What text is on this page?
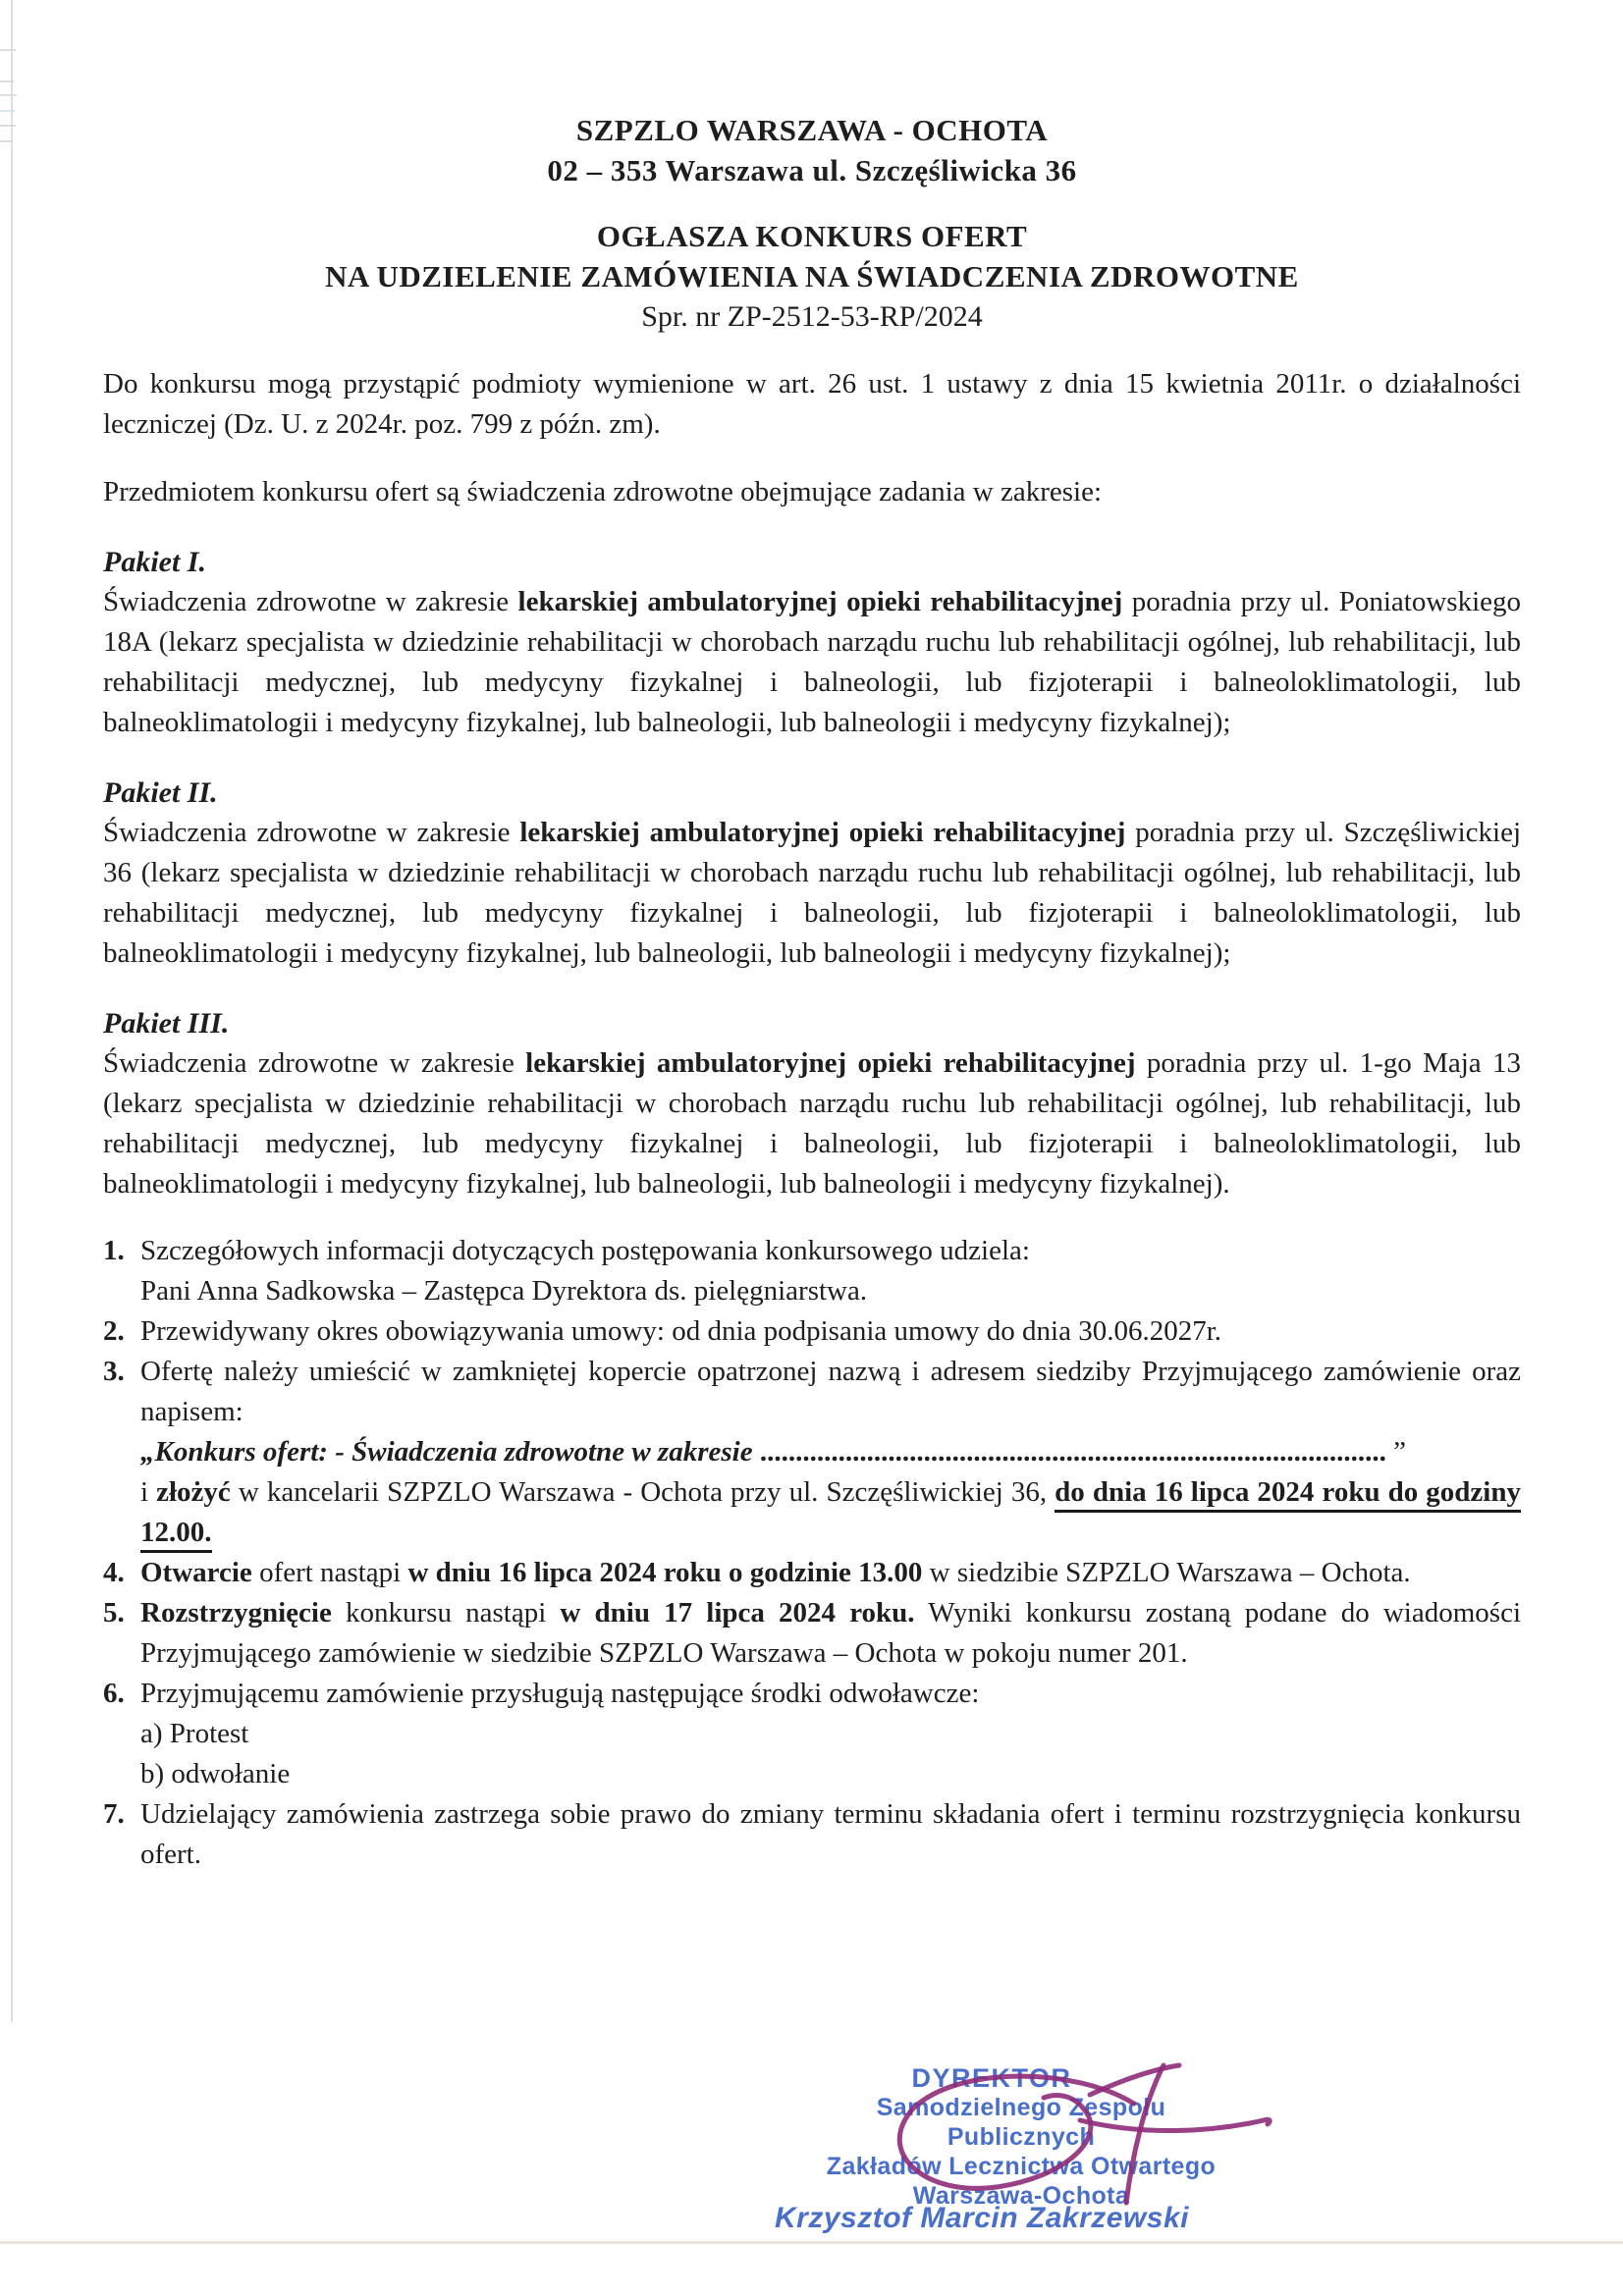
SZPZLO WARSZAWA - OCHOTA
02 – 353 Warszawa ul. Szczęśliwicka 36
OGŁASZA KONKURS OFERT
NA UDZIELENIE ZAMÓWIENIA NA ŚWIADCZENIA ZDROWOTNE
Spr. nr ZP-2512-53-RP/2024

Do konkursu mogą przystąpić podmioty wymienione w art. 26 ust. 1 ustawy z dnia 15 kwietnia 2011r. o działalności leczniczej (Dz. U. z 2024r. poz. 799 z późn. zm).

Przedmiotem konkursu ofert są świadczenia zdrowotne obejmujące zadania w zakresie:

Pakiet I.

Świadczenia zdrowotne w zakresie lekarskiej ambulatoryjnej opieki rehabilitacyjnej poradnia przy ul. Poniatowskiego 18A (lekarz specjalista w dziedzinie rehabilitacji w chorobach narządu ruchu lub rehabilitacji ogólnej, lub rehabilitacji, lub rehabilitacji medycznej, lub medycyny fizykalnej i balneologii, lub fizjoterapii i balneoloklimatologii, lub balneoklimatologii i medycyny fizykalnej, lub balneologii, lub balneologii i medycyny fizykalnej);

Pakiet II.

Świadczenia zdrowotne w zakresie lekarskiej ambulatoryjnej opieki rehabilitacyjnej poradnia przy ul. Szczęśliwickiej 36 (lekarz specjalista w dziedzinie rehabilitacji w chorobach narządu ruchu lub rehabilitacji ogólnej, lub rehabilitacji, lub rehabilitacji medycznej, lub medycyny fizykalnej i balneologii, lub fizjoterapii i balneoloklimatologii, lub balneoklimatologii i medycyny fizykalnej, lub balneologii, lub balneologii i medycyny fizykalnej);

Pakiet III.

Świadczenia zdrowotne w zakresie lekarskiej ambulatoryjnej opieki rehabilitacyjnej poradnia przy ul. 1-go Maja 13 (lekarz specjalista w dziedzinie rehabilitacji w chorobach narządu ruchu lub rehabilitacji ogólnej, lub rehabilitacji, lub rehabilitacji medycznej, lub medycyny fizykalnej i balneologii, lub fizjoterapii i balneoloklimatologii, lub balneoklimatologii i medycyny fizykalnej, lub balneologii, lub balneologii i medycyny fizykalnej).

1. Szczegółowych informacji dotyczących postępowania konkursowego udziela:
Pani Anna Sadkowska – Zastępca Dyrektora ds. pielęgniarstwa.
2. Przewidywany okres obowiązywania umowy: od dnia podpisania umowy do dnia 30.06.2027r.
3. Ofertę należy umieścić w zamkniętej kopercie opatrzonej nazwą i adresem siedziby Przyjmującego zamówienie oraz napisem:
„Konkurs ofert: - Świadczenia zdrowotne w zakresie ........................................................................................ ”
i złożyć w kancelarii SZPZLO Warszawa - Ochota przy ul. Szczęśliwickiej 36, do dnia 16 lipca 2024 roku do godziny 12.00.
4. Otwarcie ofert nastąpi w dniu 16 lipca 2024 roku o godzinie 13.00 w siedzibie SZPZLO Warszawa – Ochota.
5. Rozstrzygnięcie konkursu nastąpi w dniu 17 lipca 2024 roku. Wyniki konkursu zostaną podane do wiadomości Przyjmującego zamówienie w siedzibie SZPZLO Warszawa – Ochota w pokoju numer 201.
6. Przyjmującemu zamówienie przysługują następujące środki odwoławcze:
a) Protest
b) odwołanie
7. Udzielający zamówienia zastrzega sobie prawo do zmiany terminu składania ofert i terminu rozstrzygnięcia konkursu ofert.
DYREKTOR
Samodzielnego Zespołu Publicznych
Zakładów Lecznictwa Otwartego
Warszawa-Ochota
Krzysztof Marcin Zakrzewski
